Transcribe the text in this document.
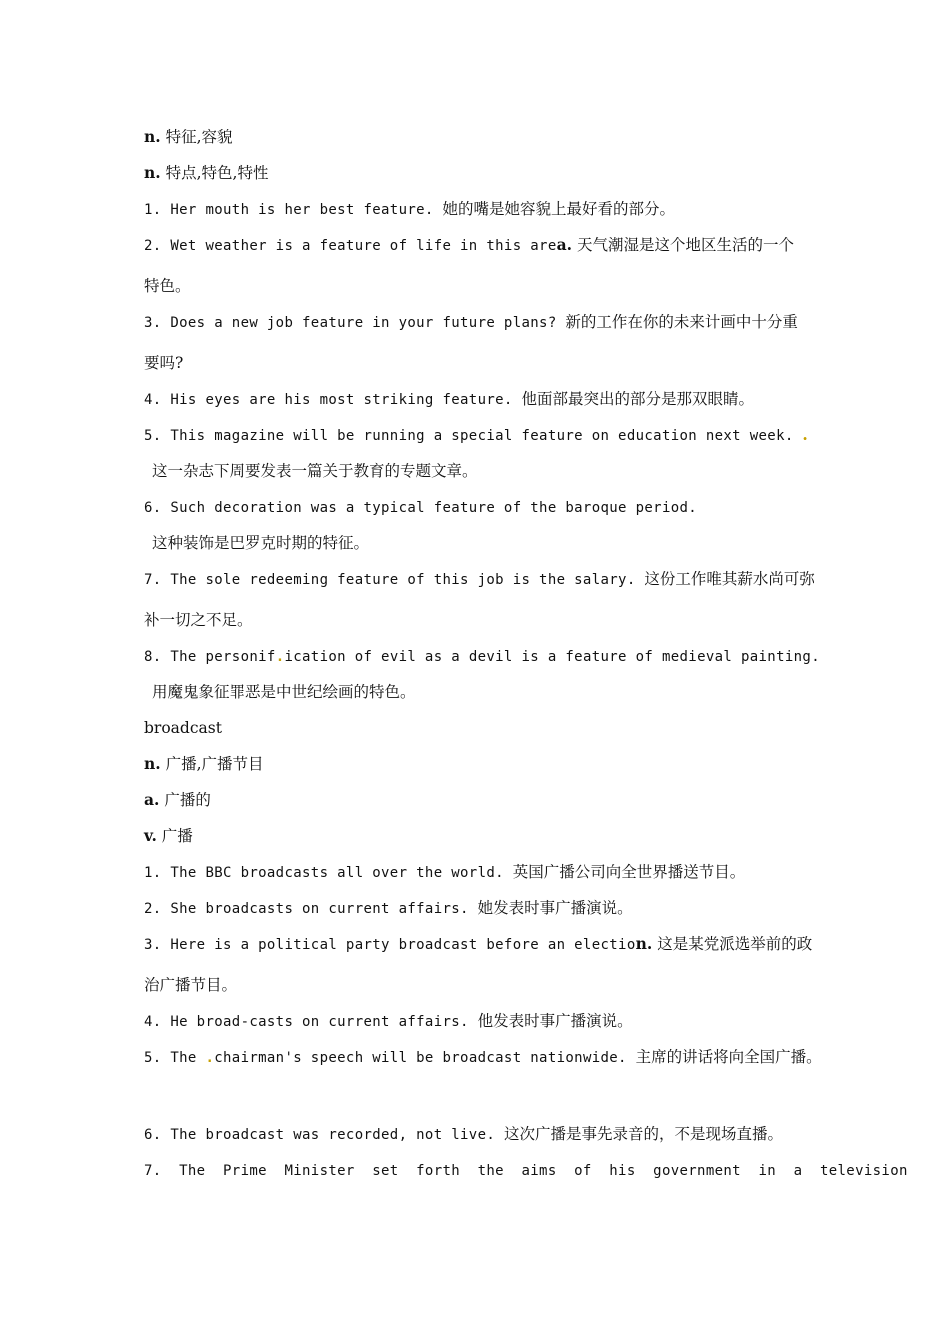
n. 特征,容貌
n. 特点,特色,特性
1. Her mouth is her best feature. 她的嘴是她容貌上最好看的部分。
2. Wet weather is a feature of life in this area. 天气潮湿是这个地区生活的一个
特色。
3. Does a new job feature in your future plans? 新的工作在你的未来计画中十分重
要吗?
4. His eyes are his most striking feature. 他面部最突出的部分是那双眼睛。
5. This magazine will be running a special feature on education next week. .
这一杂志下周要发表一篇关于教育的专题文章。
6. Such decoration was a typical feature of the baroque period.
这种装饰是巴罗克时期的特征。
7. The sole redeeming feature of this job is the salary. 这份工作唯其薪水尚可弥
补一切之不足。
8. The personif.ication of evil as a devil is a feature of medieval painting.
用魔鬼象征罪恶是中世纪绘画的特色。
broadcast
n. 广播,广播节目
a. 广播的
v. 广播
1. The BBC broadcasts all over the world. 英国广播公司向全世界播送节目。
2. She broadcasts on current affairs. 她发表时事广播演说。
3. Here is a political party broadcast before an election. 这是某党派选举前的政
治广播节目。
4. He broad-casts on current affairs. 他发表时事广播演说。
5. The .chairman's speech will be broadcast nationwide. 主席的讲话将向全国广播。
6. The broadcast was recorded, not live. 这次广播是事先录音的，不是现场直播。
7.  The  Prime  Minister  set  forth  the  aims  of  his  government  in  a  television
